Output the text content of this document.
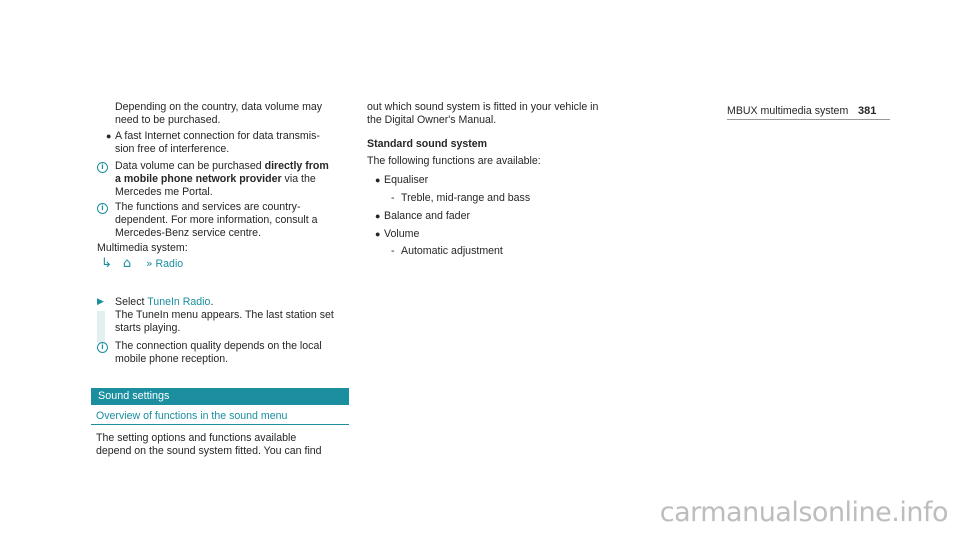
MBUX multimedia system 381
Depending on the country, data volume may
need to be purchased.
● A fast Internet connection for data transmis-
sion free of interference.
i	Data volume can be purchased directly from
a mobile phone network provider via the
Mercedes me Portal.
i	The functions and services are country-
dependent. For more information, consult a
Mercedes-Benz service centre.
Multimedia system:
↳ ⌂ » Radio
▶ Select TuneIn Radio.
The TuneIn menu appears. The last station set
starts playing.
i	The connection quality depends on the local
mobile phone reception.
Sound settings
Overview of functions in the sound menu
The setting options and functions available
depend on the sound system fitted. You can find
out which sound system is fitted in your vehicle in
the Digital Owner's Manual.
Standard sound system
The following functions are available:
● Equaliser
- Treble, mid-range and bass
● Balance and fader
● Volume
- Automatic adjustment
carmanualsonline.info
